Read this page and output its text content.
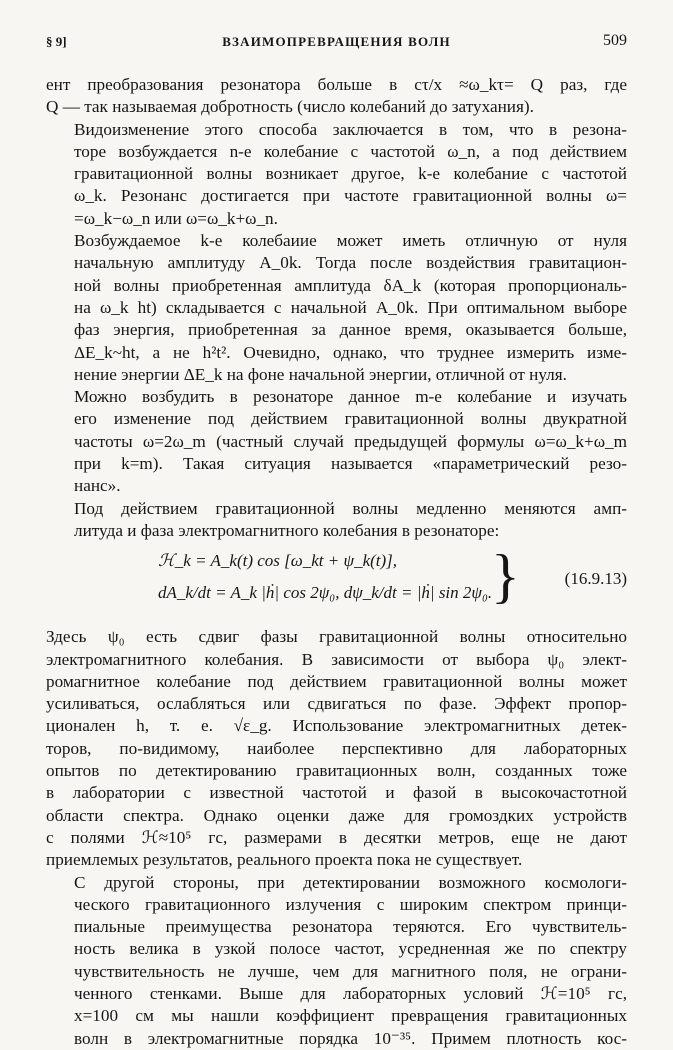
§ 9]	ВЗАИМОПРЕВРАЩЕНИЯ ВОЛН	509

ент преобразования резонатора больше в cτ/x ≈ω_kτ= Q раз, где
Q — так называемая добротность (число колебаний до затухания).

Видоизменение этого способа заключается в том, что в резона-
торе возбуждается n-е колебание с частотой ω_n, а под действием
гравитационной волны возникает другое, k-е колебание с частотой
ω_k. Резонанс достигается при частоте гравитационной волны ω=
=ω_k−ω_n или ω=ω_k+ω_n.

Возбуждаемое k-е колебаиие может иметь отличную от нуля
начальную амплитуду A_0k. Тогда после воздействия гравитацион-
ной волны приобретенная амплитуда δA_k (которая пропорциональ-
на ω_k ht) складывается с начальной A_0k. При оптимальном выборе
фаз энергия, приобретенная за данное время, оказывается больше,
ΔE_k~ht, а не h²t². Очевидно, однако, что труднее измерить изме-
нение энергии ΔE_k на фоне начальной энергии, отличной от нуля.

Можно возбудить в резонаторе данное m-е колебание и изучать
его изменение под действием гравитационной волны двукратной
частоты ω=2ω_m (частный случай предыдущей формулы ω=ω_k+ω_m
при k=m). Такая ситуация называется «параметрический резо-
нанс».

Под действием гравитационной волны медленно меняются амп-
литуда и фаза электромагнитного колебания в резонаторе:

ℋ_k = A_k(t) cos [ω_kt + ψ_k(t)],
dA_k/dt = A_k |ḣ| cos 2ψ₀, dψ_k/dt = |ḣ| sin 2ψ₀.
}	(16.9.13)

Здесь ψ₀ есть сдвиг фазы гравитационной волны относительно
электромагнитного колебания. В зависимости от выбора ψ₀ элект-
ромагнитное колебание под действием гравитационной волны может
усиливаться, ослабляться или сдвигаться по фазе. Эффект пропор-
ционален h, т. е. √ε_g. Использование электромагнитных детек-
торов, по-видимому, наиболее перспективно для лабораторных
опытов по детектированию гравитационных волн, созданных тоже
в лаборатории с известной частотой и фазой в высокочастотной
области спектра. Однако оценки даже для громоздких устройств
с полями ℋ≈10⁵ гс, размерами в десятки метров, еще не дают
приемлемых результатов, реального проекта пока не существует.

С другой стороны, при детектировании возможного космологи-
ческого гравитационного излучения с широким спектром принци-
пиальные преимущества резонатора теряются. Его чувствитель-
ность велика в узкой полосе частот, усредненная же по спектру
чувствительность не лучше, чем для магнитного поля, не ограни-
ченного стенками. Выше для лабораторных условий ℋ=10⁵ гс,
x=100 см мы нашли коэффициент превращения гравитационных
волн в электромагнитные порядка 10⁻³⁵. Примем плотность кос-
